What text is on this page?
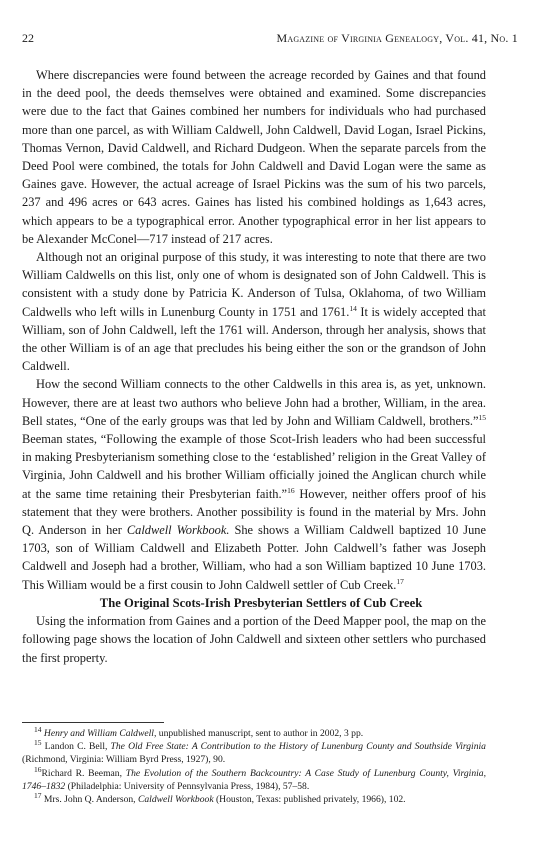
22	Magazine of Virginia Genealogy, Vol. 41, No. 1

Where discrepancies were found between the acreage recorded by Gaines and that found in the deed pool, the deeds themselves were obtained and examined. Some discrepancies were due to the fact that Gaines combined her numbers for individuals who had purchased more than one parcel, as with William Caldwell, John Caldwell, David Logan, Israel Pickins, Thomas Vernon, David Caldwell, and Richard Dudgeon. When the separate parcels from the Deed Pool were combined, the totals for John Caldwell and David Logan were the same as Gaines gave. However, the actual acreage of Israel Pickins was the sum of his two parcels, 237 and 496 acres or 643 acres. Gaines has listed his combined holdings as 1,643 acres, which appears to be a typographical error. Another typographical error in her list appears to be Alexander McConel—717 instead of 217 acres.

Although not an original purpose of this study, it was interesting to note that there are two William Caldwells on this list, only one of whom is designated son of John Caldwell. This is consistent with a study done by Patricia K. Anderson of Tulsa, Oklahoma, of two William Caldwells who left wills in Lunenburg County in 1751 and 1761.14 It is widely accepted that William, son of John Caldwell, left the 1761 will. Anderson, through her analysis, shows that the other William is of an age that precludes his being either the son or the grandson of John Caldwell.

How the second William connects to the other Caldwells in this area is, as yet, unknown. However, there are at least two authors who believe John had a brother, William, in the area. Bell states, “One of the early groups was that led by John and William Caldwell, brothers.”$^{15}$ Beeman states, “Following the example of those Scot-Irish leaders who had been successful in making Presbyterianism something close to the ‘established’ religion in the Great Valley of Virginia, John Caldwell and his brother William officially joined the Anglican church while at the same time retaining their Presbyterian faith.”$^{16}$ However, neither offers proof of his statement that they were brothers. Another possibility is found in the material by Mrs. John Q. Anderson in her Caldwell Workbook. She shows a William Caldwell baptized 10 June 1703, son of William Caldwell and Elizabeth Potter. John Caldwell’s father was Joseph Caldwell and Joseph had a brother, William, who had a son William baptized 10 June 1703. This William would be a first cousin to John Caldwell settler of Cub Creek.$^{17}$

The Original Scots-Irish Presbyterian Settlers of Cub Creek

Using the information from Gaines and a portion of the Deed Mapper pool, the map on the following page shows the location of John Caldwell and sixteen other settlers who purchased the first property.

$^{14}$ Henry and William Caldwell, unpublished manuscript, sent to author in 2002, 3 pp.

$^{15}$ Landon C. Bell, The Old Free State: A Contribution to the History of Lunenburg County and Southside Virginia (Richmond, Virginia: William Byrd Press, 1927), 90.

$^{16}$Richard R. Beeman, The Evolution of the Southern Backcountry: A Case Study of Lunenburg County, Virginia, 1746–1832 (Philadelphia: University of Pennsylvania Press, 1984), 57–58.

$^{17}$ Mrs. John Q. Anderson, Caldwell Workbook (Houston, Texas: published privately, 1966), 102.
